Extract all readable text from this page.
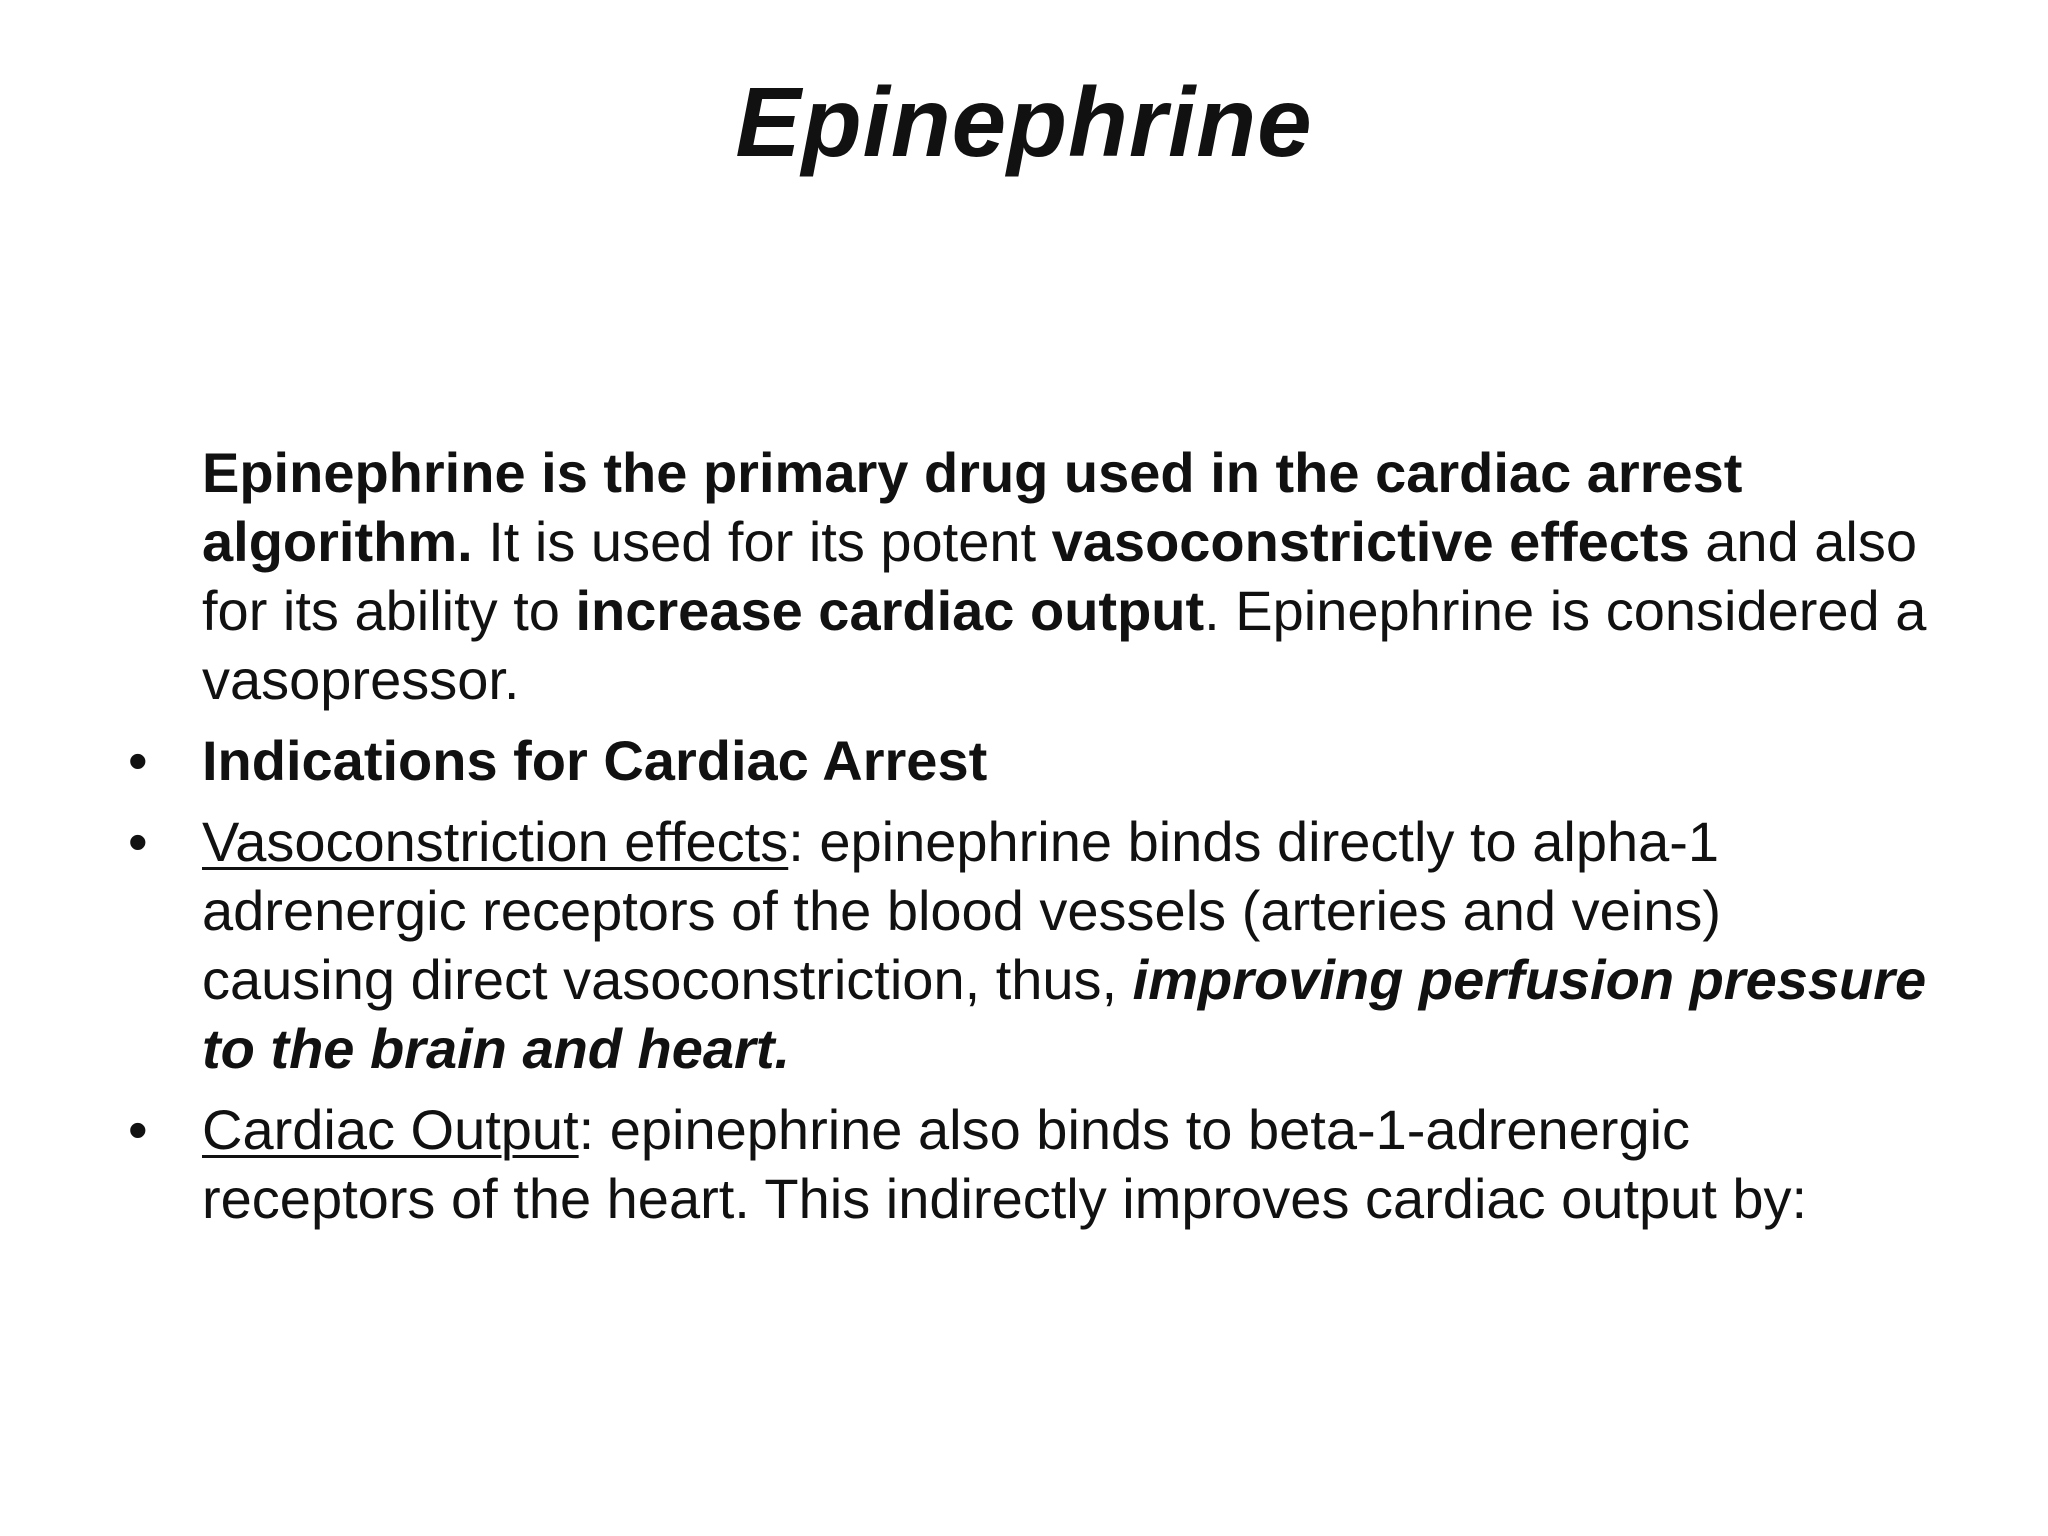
Epinephrine

Epinephrine is the primary drug used in the cardiac arrest algorithm. It is used for its potent vasoconstrictive effects and also for its ability to increase cardiac output. Epinephrine is considered a vasopressor.

• Indications for Cardiac Arrest
• Vasoconstriction effects: epinephrine binds directly to alpha-1 adrenergic receptors of the blood vessels (arteries and veins) causing direct vasoconstriction, thus, improving perfusion pressure to the brain and heart.
• Cardiac Output: epinephrine also binds to beta-1-adrenergic receptors of the heart. This indirectly improves cardiac output by:
